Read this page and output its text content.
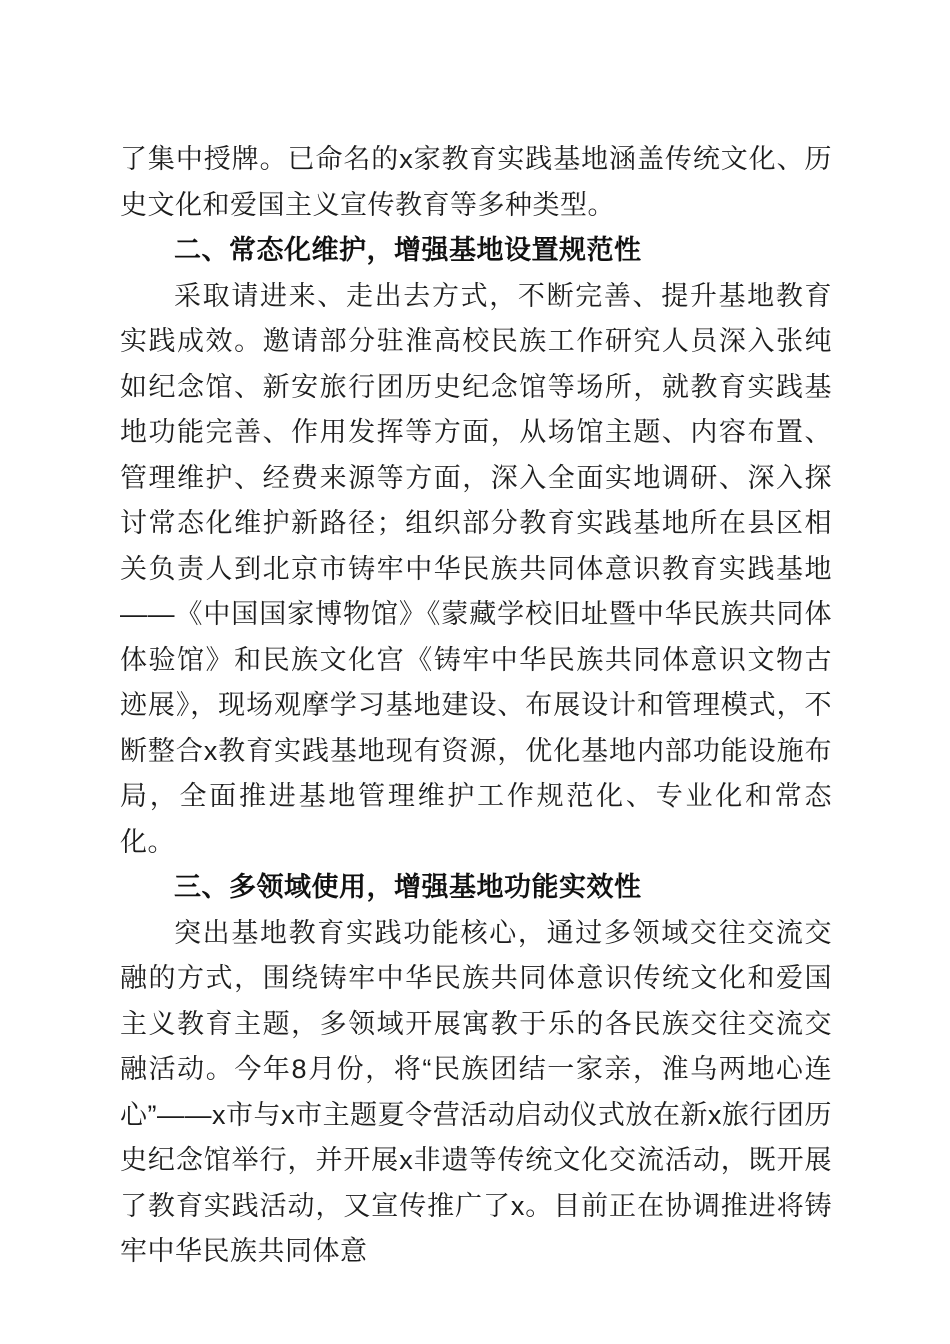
了集中授牌。已命名的x家教育实践基地涵盖传统文化、历史文化和爱国主义宣传教育等多种类型。

二、常态化维护，增强基地设置规范性

采取请进来、走出去方式，不断完善、提升基地教育实践成效。邀请部分驻淮高校民族工作研究人员深入张纯如纪念馆、新安旅行团历史纪念馆等场所，就教育实践基地功能完善、作用发挥等方面，从场馆主题、内容布置、管理维护、经费来源等方面，深入全面实地调研、深入探讨常态化维护新路径；组织部分教育实践基地所在县区相关负责人到北京市铸牢中华民族共同体意识教育实践基地——《中国国家博物馆》《蒙藏学校旧址暨中华民族共同体体验馆》和民族文化宫《铸牢中华民族共同体意识文物古迹展》，现场观摩学习基地建设、布展设计和管理模式，不断整合x教育实践基地现有资源，优化基地内部功能设施布局，全面推进基地管理维护工作规范化、专业化和常态化。

三、多领域使用，增强基地功能实效性

突出基地教育实践功能核心，通过多领域交往交流交融的方式，围绕铸牢中华民族共同体意识传统文化和爱国主义教育主题，多领域开展寓教于乐的各民族交往交流交融活动。今年8月份，将“民族团结一家亲，淮乌两地心连心”——x市与x市主题夏令营活动启动仪式放在新x旅行团历史纪念馆举行，并开展x非遗等传统文化交流活动，既开展了教育实践活动，又宣传推广了x。目前正在协调推进将铸牢中华民族共同体意
